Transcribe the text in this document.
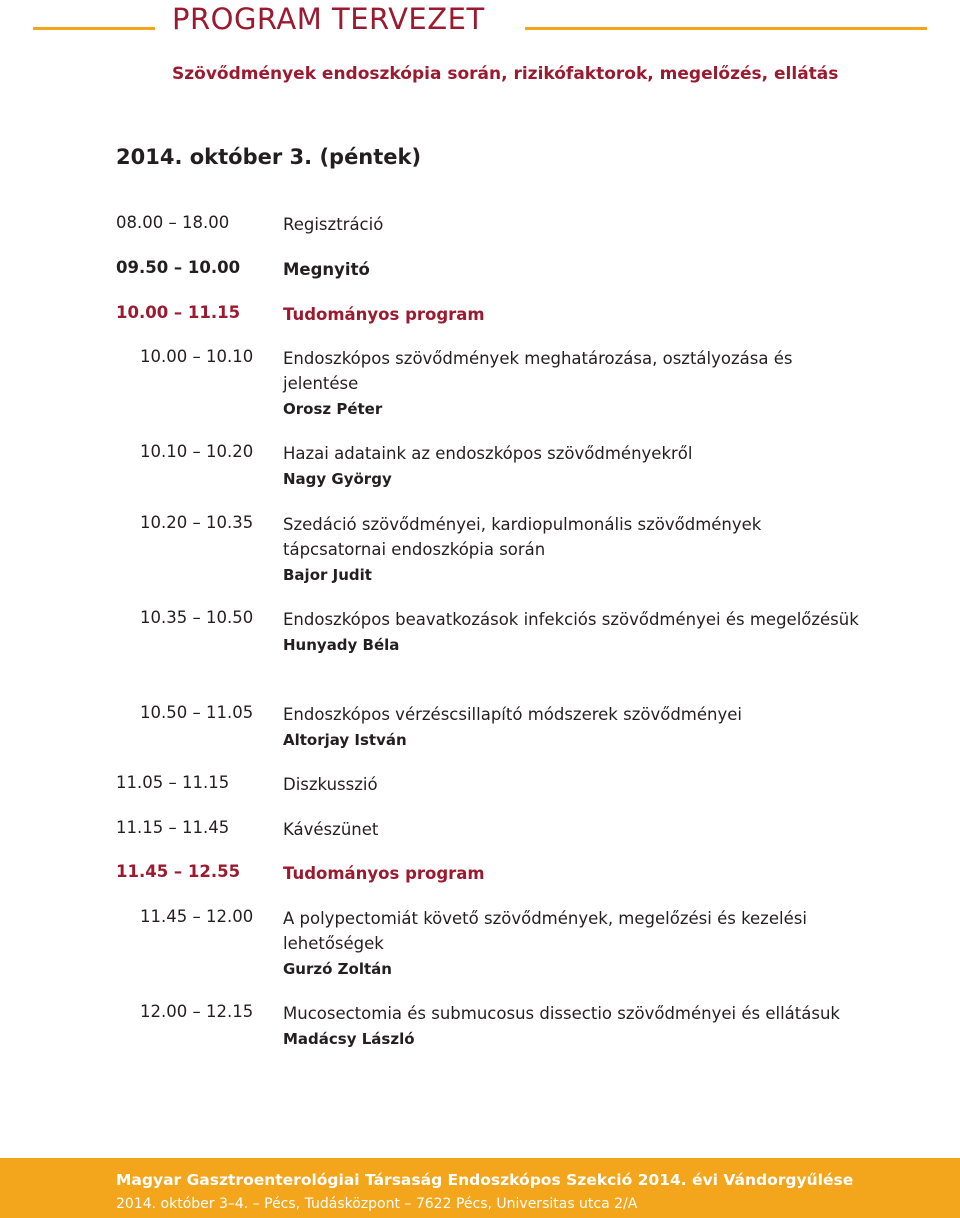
PROGRAM TERVEZET
Szövődmények endoszkópia során, rizikófaktorok, megelőzés, ellátás
2014. október 3. (péntek)
08.00 – 18.00	Regisztráció
09.50 – 10.00	Megnyitó
10.00 – 11.15	Tudományos program
10.00 – 10.10 Endoszkópos szövődmények meghatározása, osztályozása és jelentése
Orosz Péter
10.10 – 10.20 Hazai adataink az endoszkópos szövődményekről
Nagy György
10.20 – 10.35 Szedáció szövődményei, kardiopulmonális szövődmények tápcsatornai endoszkópia során
Bajor Judit
10.35 – 10.50 Endoszkópos beavatkozások infekciós szövődményei és megelőzésük
Hunyady Béla
10.50 – 11.05 Endoszkópos vérzéscsillapító módszerek szövődményei
Altorjay István
11.05 – 11.15	Diszkusszió
11.15 – 11.45	Kávészünet
11.45 – 12.55	Tudományos program
11.45 – 12.00 A polypectomiát követő szövődmények, megelőzési és kezelési lehetőségek
Gurzó Zoltán
12.00 – 12.15 Mucosectomia és submucosus dissectio szövődményei és ellátásuk
Madácsy László
Magyar Gasztroenterológiai Társaság Endoszkópos Szekció 2014. évi Vándorgyűlése
2014. október 3–4. – Pécs, Tudásközpont – 7622 Pécs, Universitas utca 2/A
